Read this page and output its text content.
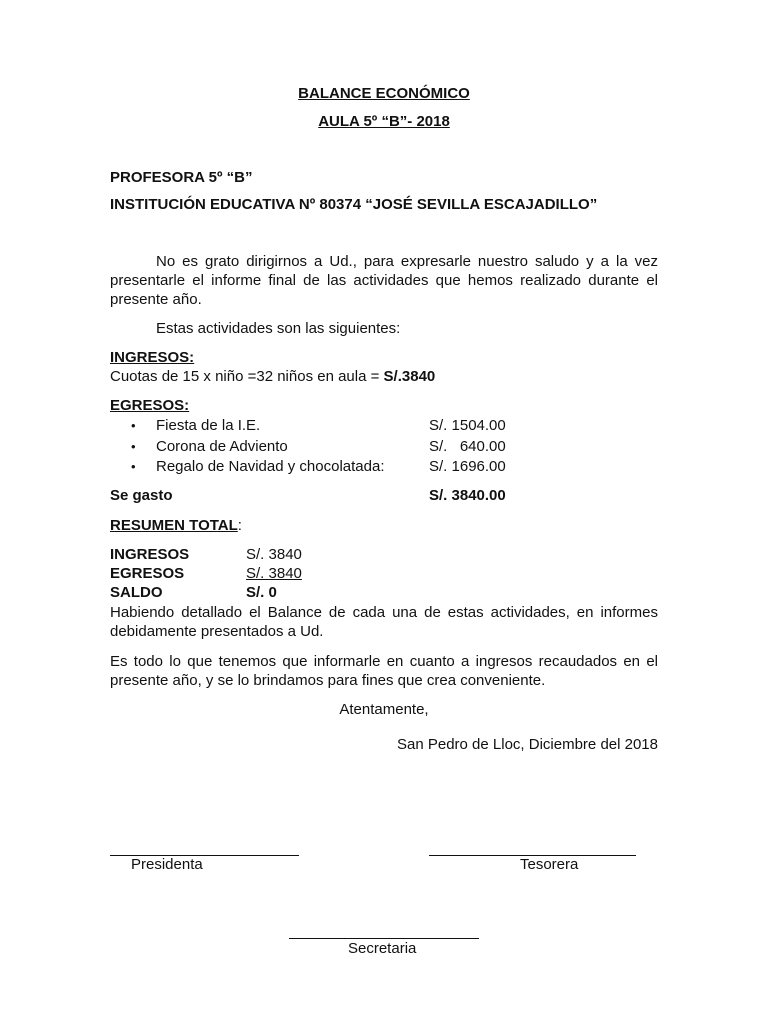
BALANCE ECONÓMICO
AULA 5º “B”- 2018
PROFESORA 5º “B”
INSTITUCIÓN EDUCATIVA Nº 80374 “JOSÉ SEVILLA ESCAJADILLO”
No es grato dirigirnos a Ud., para expresarle nuestro saludo y a la vez presentarle el informe final de las actividades que hemos realizado durante el presente año.
Estas actividades son las siguientes:
INGRESOS:
Cuotas de 15 x niño =32 niños en aula = S/.3840
EGRESOS:
• Fiesta de la I.E.	S/. 1504.00
• Corona de Adviento	S/.   640.00
• Regalo de Navidad y chocolatada:	S/. 1696.00
Se gasto	S/. 3840.00
RESUMEN TOTAL:
INGRESOS	S/. 3840
EGRESOS	S/. 3840
SALDO	S/. 0
Habiendo detallado el Balance de cada una de estas actividades, en informes debidamente presentados a Ud.
Es todo lo que tenemos que informarle en cuanto a ingresos recaudados en el presente año, y se lo brindamos para fines que crea conveniente.
Atentamente,
San Pedro de Lloc, Diciembre del 2018
Presidenta	Tesorera
Secretaria
